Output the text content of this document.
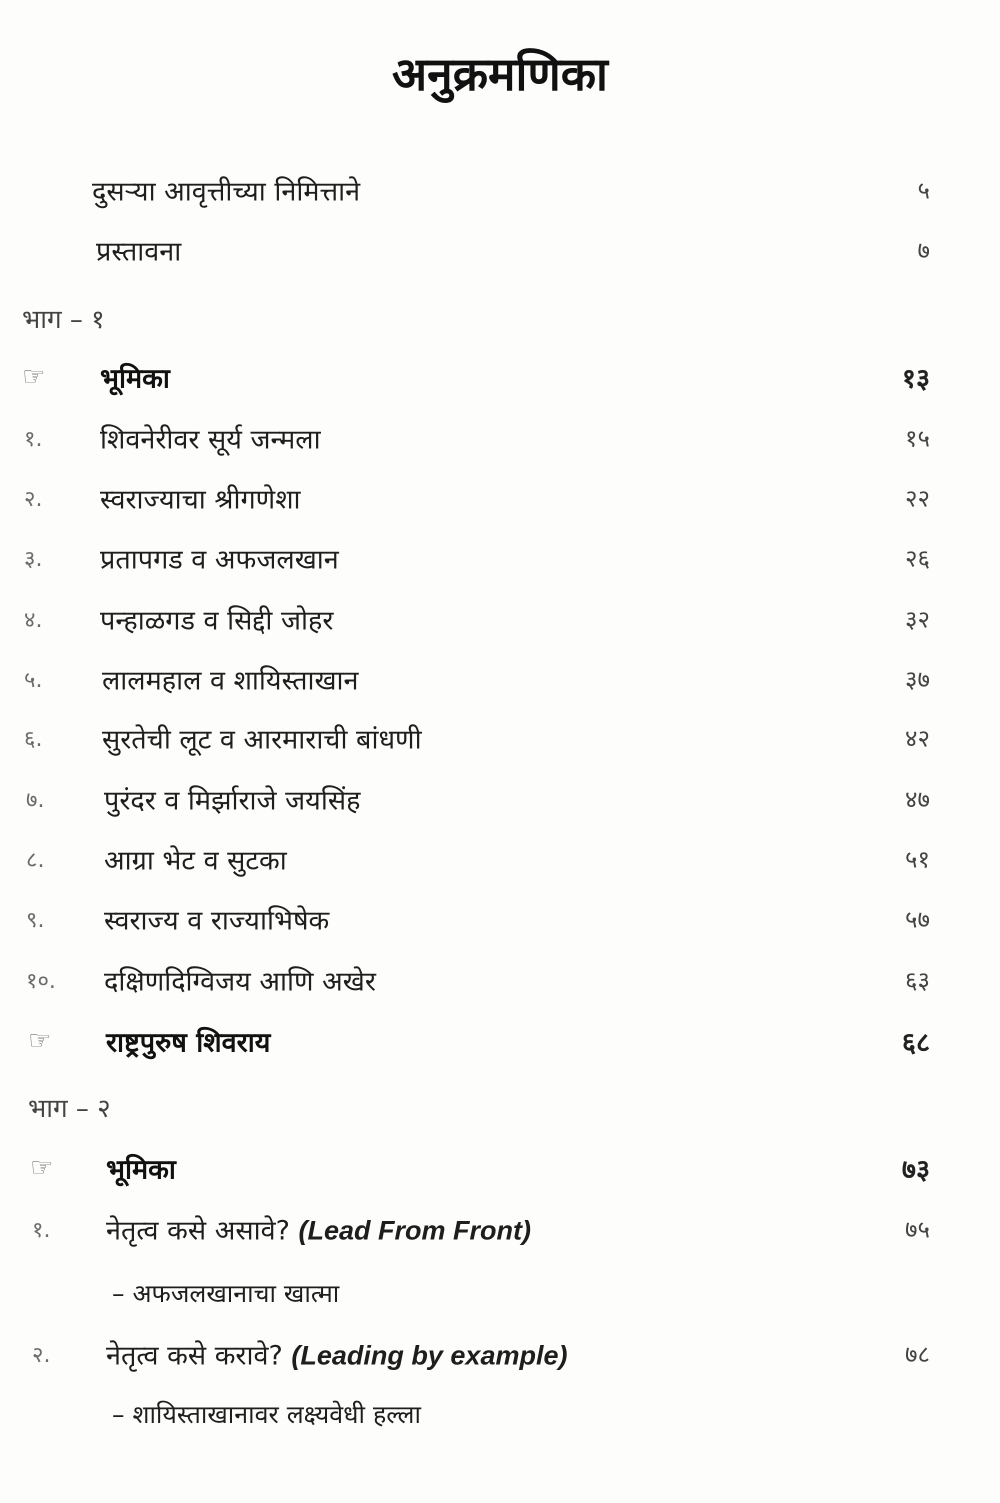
अनुक्रमणिका
दुसऱ्या आवृत्तीच्या निमित्ताने	५
प्रस्तावना	७
भाग – १
☞ भूमिका	१३
१. शिवनेरीवर सूर्य जन्मला	१५
२. स्वराज्याचा श्रीगणेशा	२२
३. प्रतापगड व अफजलखान	२६
४. पन्हाळगड व सिद्दी जोहर	३२
५. लालमहाल व शायिस्ताखान	३७
६. सुरतेची लूट व आरमाराची बांधणी	४२
७. पुरंदर व मिर्झाराजे जयसिंह	४७
८. आग्रा भेट व सुटका	५१
९. स्वराज्य व राज्याभिषेक	५७
१०. दक्षिणदिग्विजय आणि अखेर	६३
☞ राष्ट्रपुरुष शिवराय	६८
भाग – २
☞ भूमिका	७३
१. नेतृत्व कसे असावे? (Lead From Front)	७५
– अफजलखानाचा खात्मा
२. नेतृत्व कसे करावे? (Leading by example)	७८
– शायिस्ताखानावर लक्ष्यवेधी हल्ला
